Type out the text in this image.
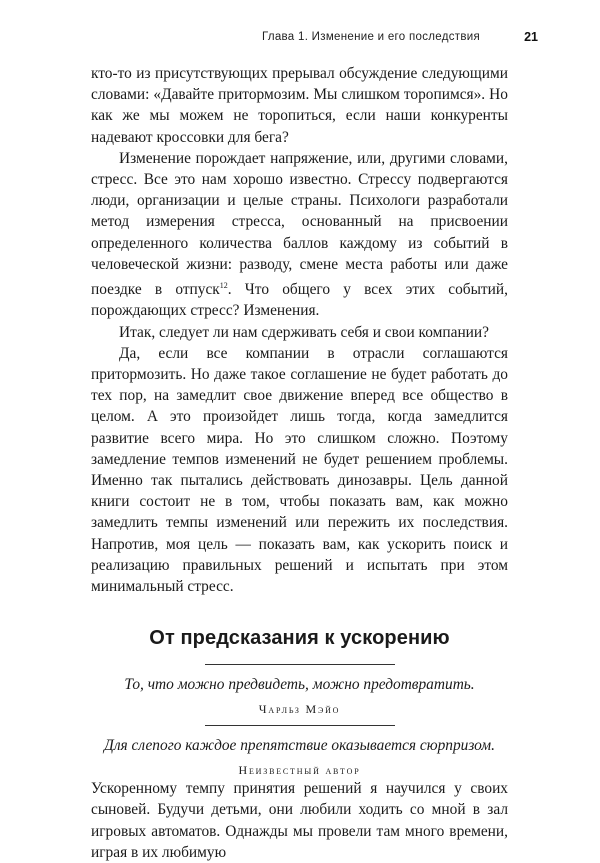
Глава 1. Изменение и его последствия	21

кто-то из присутствующих прерывал обсуждение следующими словами: «Давайте притормозим. Мы слишком торопимся». Но как же мы можем не торопиться, если наши конкуренты надевают кроссовки для бега?

Изменение порождает напряжение, или, другими словами, стресс. Все это нам хорошо известно. Стрессу подвергаются люди, организации и целые страны. Психологи разработали метод измерения стресса, основанный на присвоении определенного количества баллов каждому из событий в человеческой жизни: разводу, смене места работы или даже поездке в отпуск$^{12}$. Что общего у всех этих событий, порождающих стресс? Изменения.

Итак, следует ли нам сдерживать себя и свои компании?

Да, если все компании в отрасли соглашаются притормозить. Но даже такое соглашение не будет работать до тех пор, на замедлит свое движение вперед все общество в целом. А это произойдет лишь тогда, когда замедлится развитие всего мира. Но это слишком сложно. Поэтому замедление темпов изменений не будет решением проблемы. Именно так пытались действовать динозавры. Цель данной книги состоит не в том, чтобы показать вам, как можно замедлить темпы изменений или пережить их последствия. Напротив, моя цель — показать вам, как ускорить поиск и реализацию правильных решений и испытать при этом минимальный стресс.

От предсказания к ускорению
То, что можно предвидеть, можно предотвратить.
Чарльз Мэйо
Для слепого каждое препятствие оказывается сюрпризом.
Неизвестный автор

Ускоренному темпу принятия решений я научился у своих сыновей. Будучи детьми, они любили ходить со мной в зал игровых автоматов. Однажды мы провели там много времени, играя в их любимую
